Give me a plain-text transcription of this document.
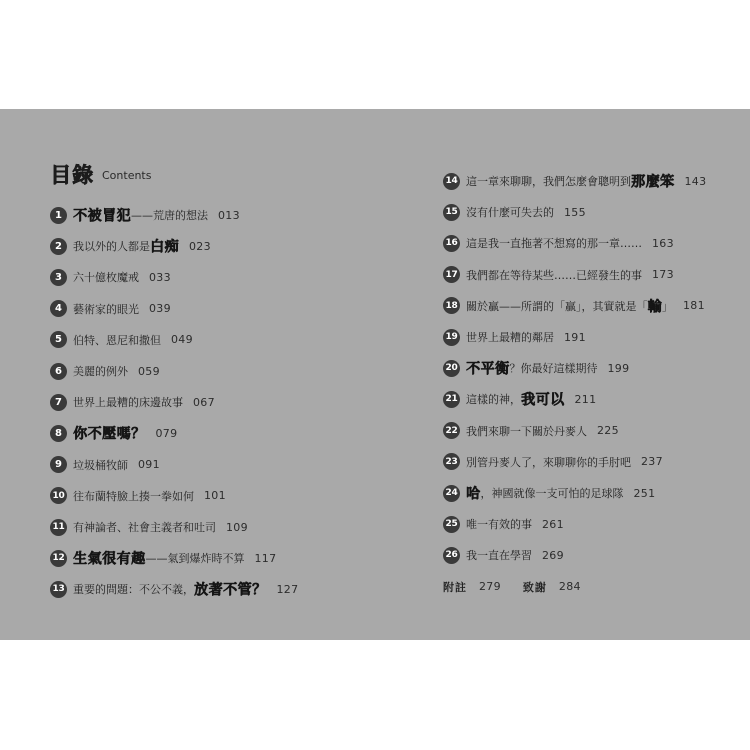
目錄 Contents
1 不被冒犯 ——荒唐的想法 013
2	我以外的人都是 白痴 023
3	六十億枚魔戒 033
4	藝術家的眼光 039
5	伯特、恩尼和撒但 049
6	美麗的例外 059
7	世界上最糟的床邊故事 067
8 你不壓嗎？ 079
9	垃圾桶牧師 091
10 往布蘭特臉上揍一拳如何 101
11 有神論者、社會主義者和吐司 109
12 生氣很有趣 ——氣到爆炸時不算 117
13 重要的問題：不公不義， 放著不管？ 127
14 這一章來聊聊，我們怎麼會聰明到 那麼笨 143
15 沒有什麼可失去的 155
16 這是我一直拖著不想寫的那一章…… 163
17 我們都在等待某些……已經發生的事 173
18 關於贏——所謂的「贏」，其實就是「 輸 」 181
19 世界上最糟的鄰居 191
20 不平衡 ？你最好這樣期待 199
21 這樣的神， 我可以 211
22 我們來聊一下關於丹麥人 225
23 別管丹麥人了，來聊聊你的手肘吧 237
24 哈 ，神國就像一支可怕的足球隊 251
25 唯一有效的事 261
26 我一直在學習 269
附註 279 致謝 284
